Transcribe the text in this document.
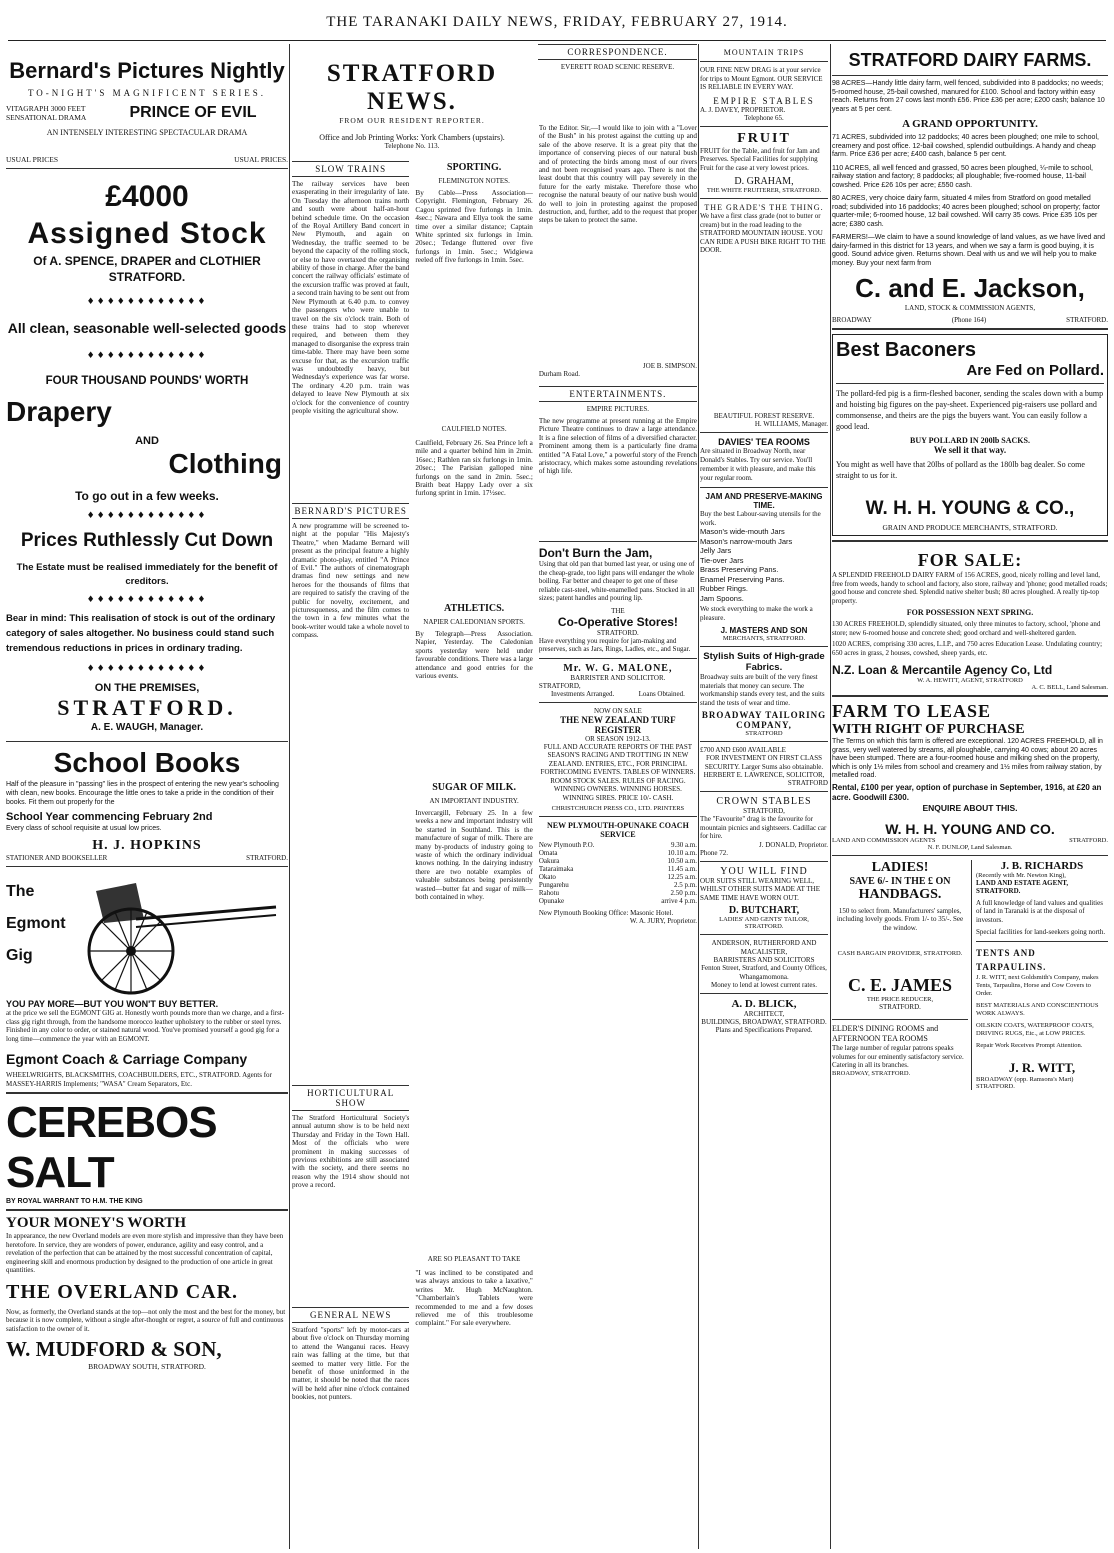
THE TARANAKI DAILY NEWS, FRIDAY, FEBRUARY 27, 1914.
Bernard's Pictures Nightly
TO-NIGHT'S MAGNIFICENT SERIES.
VITAGRAPH 3000 FEET SENSATIONAL DRAMA	PRINCE OF EVIL
AN INTENSELY INTERESTING SPECTACULAR DRAMA
USUAL PRICES	USUAL PRICES.
£4000
Assigned Stock
Of A. SPENCE, DRAPER and CLOTHIER
STRATFORD.
♦♦♦♦♦♦♦♦♦♦♦♦
All clean, seasonable well-selected goods
♦♦♦♦♦♦♦♦♦♦♦♦
FOUR THOUSAND POUNDS' WORTH
Drapery
AND
Clothing
To go out in a few weeks.
♦♦♦♦♦♦♦♦♦♦♦♦
Prices Ruthlessly Cut Down
The Estate must be realised immediately for the benefit of creditors.
♦♦♦♦♦♦♦♦♦♦♦♦
Bear in mind: This realisation of stock is out of the ordinary category of sales altogether. No business could stand such tremendous reductions in prices in ordinary trading.
♦♦♦♦♦♦♦♦♦♦♦♦
ON THE PREMISES,
STRATFORD.
A. E. WAUGH, Manager.
School Books
Half of the pleasure in "passing" lies in the prospect of entering the new year's schooling with clean, new books. Encourage the little ones to take a pride in the condition of their books. Fit them out properly for the
School Year commencing February 2nd
Every class of school requisite at usual low prices.
H. J. HOPKINS
STATIONER AND BOOKSELLER	STRATFORD.
The
Egmont
Gig
YOU PAY MORE—BUT YOU WON'T BUY BETTER.
at the price we sell the EGMONT GIG at. Honestly worth pounds more than we charge, and a first-class gig right through, from the handsome morocco leather upholstery to the rubber or steel tyres. Finished in any color to order, or stained natural wood. You've promised yourself a good gig for a long time—commence the year with an EGMONT.
Egmont Coach & Carriage Company
WHEELWRIGHTS, BLACKSMITHS, COACHBUILDERS, ETC., STRATFORD. Agents for MASSEY-HARRIS Implements; "WASA" Cream Separators, Etc.
CEREBOS SALT
BY ROYAL WARRANT TO H.M. THE KING
YOUR MONEY'S WORTH
In appearance, the new Overland models are even more stylish and impressive than they have been heretofore. In service, they are wonders of power, endurance, agility and easy control, and a revelation of the perfection that can be attained by the most successful concentration of capital, engineering skill and enormous production by designed to the production of one article in great quantities.
THE OVERLAND CAR.
Now, as formerly, the Overland stands at the top—not only the most and the best for the money, but because it is now complete, without a single after-thought or regret, a source of full and continuous satisfaction to the owner of it.
W. MUDFORD & SON,
BROADWAY SOUTH, STRATFORD.
STRATFORD NEWS.
FROM OUR RESIDENT REPORTER.
Office and Job Printing Works: York Chambers (upstairs).
Telephone No. 113.
CORRESPONDENCE.
EVERETT ROAD SCENIC RESERVE.
SLOW TRAINS
The railway services have been exasperating in their irregularity of late. On Tuesday the afternoon trains north and south were about half-an-hour behind schedule time. On the occasion of the Royal Artillery Band concert in New Plymouth, and again on Wednesday, the traffic seemed to be beyond the capacity of the rolling stock, or else to have overtaxed the organising ability of those in charge. After the band concert the railway officials' estimate of the excursion traffic was proved at fault, a second train having to be sent out from New Plymouth at 6.40 p.m. to convey the passengers who were unable to travel on the six o'clock train. Both of these trains had to stop wherever required, and between them they managed to disorganise the express train time-table. There may have been some excuse for that, as the excursion traffic was undoubtedly heavy, but Wednesday's experience was far worse. The ordinary 4.20 p.m. train was delayed to leave New Plymouth at six o'clock for the convenience of country people visiting the agricultural show.
BERNARD'S PICTURES
A new programme will be screened to-night at the popular "His Majesty's Theatre," when Madame Bernard will present as the principal feature a highly dramatic photo-play, entitled "A Prince of Evil." The authors of cinematograph dramas find new settings and new heroes for the thousands of films that are required to satisfy the craving of the public for novelty, excitement, and picturesqueness, and the film comes to the town in a few minutes what the book-writer would take a whole novel to compass.
HORTICULTURAL SHOW
The Stratford Horticultural Society's annual autumn show is to be held next Thursday and Friday in the Town Hall. Most of the officials who were prominent in making successes of previous exhibitions are still associated with the society, and there seems no reason why the 1914 show should not prove a record.
GENERAL NEWS
Stratford "sports" left by motor-cars at about five o'clock on Thursday morning to attend the Wanganui races. Heavy rain was falling at the time, but that seemed to matter very little. For the benefit of those uninformed in the matter, it should be noted that the races will be held after nine o'clock contained bookies, not punters.
SPORTING.
FLEMINGTON NOTES.
By Cable—Press Association—Copyright. Flemington, February 26. Cagou sprinted five furlongs in 1min. 4sec.; Nawara and Ellya took the same time over a similar distance; Captain White sprinted six furlongs in 1min. 20sec.; Tedange fluttered over five furlongs in 1min. 5sec.; Widgiewa reeled off five furlongs in 1min. 5sec.
CAULFIELD NOTES.
Caulfield, February 26. Sea Prince left a mile and a quarter behind him in 2min. 16sec.; Rathlen ran six furlongs in 1min. 20sec.; The Parisian galloped nine furlongs on the sand in 2min. 5sec.; Braith beat Happy Lady over a six furlong sprint in 1min. 17½sec.
ATHLETICS.
NAPIER CALEDONIAN SPORTS.
By Telegraph—Press Association. Napier, Yesterday. The Caledonian sports yesterday were held under favourable conditions. There was a large attendance and good entries for the various events.
SUGAR OF MILK.
AN IMPORTANT INDUSTRY.
Invercargill, February 25. In a few weeks a new and important industry will be started in Southland. This is the manufacture of sugar of milk. There are many by-products of industry going to waste of which the ordinary individual knows nothing. In the dairying industry there are two notable examples of valuable substances being persistently wasted—butter fat and sugar of milk—both contained in whey.
ARE SO PLEASANT TO TAKE
"I was inclined to be constipated and was always anxious to take a laxative," writes Mr. Hugh McNaughton. "Chamberlain's Tablets were recommended to me and a few doses relieved me of this troublesome complaint." For sale everywhere.
To the Editor. Sir,—I would like to join with a "Lover of the Bush" in his protest against the cutting up and sale of the above reserve. It is a great pity that the importance of conserving pieces of our natural bush and of protecting the birds among most of our rivers and not been recognised years ago. There is not the least doubt that this country will pay severely in the future for the early mistake. Therefore those who recognise the natural beauty of our native bush would do well to join in protesting against the proposed destruction, and, further, add to the request that proper steps be taken to protect the same.
JOE B. SIMPSON.
Durham Road.
ENTERTAINMENTS.
EMPIRE PICTURES.
The new programme at present running at the Empire Picture Theatre continues to draw a large attendance. It is a fine selection of films of a diversified character. Prominent among them is a particularly fine drama entitled "A Fatal Love," a powerful story of the French aristocracy, which makes some astounding revelations of high life.
Don't Burn the Jam,
Using that old pan that burned last year, or using one of the cheap-grade, too light pans will endanger the whole boiling. Far better and cheaper to get one of these reliable cast-steel, white-enamelled pans. Stocked in all sizes; patent handles and pouring lip.
THE
Co-Operative Stores!
STRATFORD.
Have everything you require for jam-making and preserves, such as Jars, Rings, Ladles, etc., and Sugar.
Mr. W. G. MALONE,
BARRISTER AND SOLICITOR.
STRATFORD,
Investments Arranged.	Loans Obtained.
NOW ON SALE
THE NEW ZEALAND TURF REGISTER
OR SEASON 1912-13.
FULL AND ACCURATE REPORTS OF THE PAST SEASON'S RACING AND TROTTING IN NEW ZEALAND. ENTRIES, ETC., FOR PRINCIPAL FORTHCOMING EVENTS. TABLES OF WINNERS. ROOM STOCK SALES. RULES OF RACING. WINNING OWNERS. WINNING HORSES. WINNING SIRES. PRICE 10/- CASH.
CHRISTCHURCH PRESS CO., LTD. PRINTERS
NEW PLYMOUTH-OPUNAKE COACH SERVICE
New Plymouth P.O.	9.30 a.m.
Omata	10.10 a.m.
Oakura	10.50 a.m.
Tataraimaka	11.45 a.m.
Okato	12.25 a.m.
Pungarehu	2.5 p.m.
Rahotu	2.50 p.m.
Opunake	arrive 4 p.m.
New Plymouth Booking Office: Masonic Hotel.
W. A. JURY, Proprietor.
MOUNTAIN TRIPS
OUR FINE NEW DRAG is at your service for trips to Mount Egmont. OUR SERVICE IS RELIABLE IN EVERY WAY.
EMPIRE STABLES
A. J. DAVEY, PROPRIETOR.
Telephone 65.
FRUIT
FRUIT for the Table, and fruit for Jam and Preserves. Special Facilities for supplying Fruit for the case at very lowest prices.
D. GRAHAM,
THE WHITE FRUITERER, STRATFORD.
THE GRADE'S THE THING.
We have a first class grade (not to butter or cream) but in the road leading to the STRATFORD MOUNTAIN HOUSE. YOU CAN RIDE A PUSH BIKE RIGHT TO THE DOOR.
BEAUTIFUL FOREST RESERVE.
H. WILLIAMS, Manager.
DAVIES' TEA ROOMS
Are situated in Broadway North, near Donald's Stables. Try our service. You'll remember it with pleasure, and make this your regular room.
JAM AND PRESERVE-MAKING TIME.
Buy the best Labour-saving utensils for the work.
Mason's wide-mouth Jars
Mason's narrow-mouth Jars
Jelly Jars
Tie-over Jars
Brass Preserving Pans.
Enamel Preserving Pans.
Rubber Rings.
Jam Spoons.
We stock everything to make the work a pleasure.
J. MASTERS AND SON
MERCHANTS, STRATFORD.
Stylish Suits of High-grade Fabrics.
Broadway suits are built of the very finest materials that money can secure. The workmanship stands every test, and the suits stand the tests of wear and time.
BROADWAY TAILORING COMPANY,
STRATFORD
£700 AND £600 AVAILABLE
FOR INVESTMENT ON FIRST CLASS SECURITY. Larger Sums also obtainable.
HERBERT E. LAWRENCE, SOLICITOR,
STRATFORD
CROWN STABLES
STRATFORD,
The "Favourite" drag is the favourite for mountain picnics and sightseers. Cadillac car for hire.
J. DONALD, Proprietor.
Phone 72.
YOU WILL FIND
OUR SUITS STILL WEARING WELL, WHILST OTHER SUITS MADE AT THE SAME TIME HAVE WORN OUT.
D. BUTCHART,
LADIES' AND GENTS' TAILOR, STRATFORD.
ANDERSON, RUTHERFORD AND MACALISTER,
BARRISTERS AND SOLICITORS
Fenton Street, Stratford, and County Offices, Whangamomona.
Money to lend at lowest current rates.
A. D. BLICK,
ARCHITECT,
BUILDINGS, BROADWAY, STRATFORD.
Plans and Specifications Prepared.
STRATFORD DAIRY FARMS.
98 ACRES—Handy little dairy farm, well fenced, subdivided into 8 paddocks; no weeds; 5-roomed house, 25-bail cowshed, manured for £100. School and factory within easy reach. Returns from 27 cows last month £56. Price £36 per acre; £200 cash; balance 10 years at 5 per cent.
A GRAND OPPORTUNITY.
71 ACRES, subdivided into 12 paddocks; 40 acres been ploughed; one mile to school, creamery and post office. 12-bail cowshed, splendid outbuildings. A handy and cheap farm. Price £36 per acre; £400 cash, balance 5 per cent.
110 ACRES, all well fenced and grassed, 50 acres been ploughed, ¼-mile to school, railway station and factory; 8 paddocks; all ploughable; five-roomed house, 11-bail cowshed. Price £26 10s per acre; £550 cash.
80 ACRES, very choice dairy farm, situated 4 miles from Stratford on good metalled road; subdivided into 16 paddocks; 40 acres been ploughed; school on property; factor quarter-mile; 6-roomed house, 12 bail cowshed. Will carry 35 cows. Price £35 10s per acre; £380 cash.
FARMERS!—We claim to have a sound knowledge of land values, as we have lived and dairy-farmed in this district for 13 years, and when we say a farm is good buying, it is good. Sound advice given. Returns shown. Deal with us and we will help you to make money. Buy your next farm from
C. and E. Jackson,
LAND, STOCK & COMMISSION AGENTS,
BROADWAY	(Phone 164)	STRATFORD.
Best Baconers
Are Fed on Pollard.
The pollard-fed pig is a firm-fleshed baconer, sending the scales down with a bump and hoisting big figures on the pay-sheet. Experienced pig-raisers use pollard and commonsense, and theirs are the pigs the buyers want. You can easily follow a good lead.
BUY POLLARD IN 200lb SACKS.
We sell it that way.
You might as well have that 20lbs of pollard as the 180lb bag dealer. So come straight to us for it.
W. H. H. YOUNG & CO.,
GRAIN AND PRODUCE MERCHANTS, STRATFORD.
FOR SALE:
A SPLENDID FREEHOLD DAIRY FARM of 156 ACRES, good, nicely rolling and level land, free from weeds, handy to school and factory, also store, railway and 'phone; good metalled roads; good house and concrete shed. Splendid native shelter bush; 80 acres ploughed. A really tip-top property.
FOR POSSESSION NEXT SPRING.
130 ACRES FREEHOLD, splendidly situated, only three minutes to factory, school, 'phone and store; new 6-roomed house and concrete shed; good orchard and well-sheltered garden.
1020 ACRES, comprising 330 acres, L.I.P., and 750 acres Education Lease. Undulating country; 650 acres in grass, 2 houses, cowshed, sheep yards, etc.
N.Z. Loan & Mercantile Agency Co, Ltd
W. A. HEWITT, AGENT, STRATFORD
A. C. BELL, Land Salesman.
FARM TO LEASE
WITH RIGHT OF PURCHASE
The Terms on which this farm is offered are exceptional. 120 ACRES FREEHOLD, all in grass, very well watered by streams, all ploughable, carrying 40 cows; about 20 acres have been stumped. There are a four-roomed house and milking shed on the property, which is only 1½ miles from school and creamery and 1½ miles from railway station, by metalled road.
Rental, £100 per year, option of purchase in September, 1916, at £20 an acre. Goodwill £300.
ENQUIRE ABOUT THIS.
W. H. H. YOUNG AND CO.
LAND AND COMMISSION AGENTS	STRATFORD.
N. F. DUNLOP, Land Salesman.
LADIES!
SAVE 6/- IN THE £ ON
HANDBAGS.
150 to select from. Manufacturers' samples, including lovely goods. From 1/- to 35/-. See the window.
CASH BARGAIN PROVIDER, STRATFORD.
C. E. JAMES
THE PRICE REDUCER,
STRATFORD.
ELDER'S DINING ROOMS and AFTERNOON TEA ROOMS
The large number of regular patrons speaks volumes for our eminently satisfactory service. Catering in all its branches.
BROADWAY, STRATFORD.
J. B. RICHARDS
(Recently with Mr. Newton King),
LAND AND ESTATE AGENT, STRATFORD.
A full knowledge of land values and qualities of land in Taranaki is at the disposal of investors.
Special facilities for land-seekers going north.
TENTS AND TARPAULINS.
J. R. WITT, next Goldsmith's Company, makes Tents, Tarpaulins, Horse and Cow Covers to Order.
BEST MATERIALS AND CONSCIENTIOUS WORK ALWAYS.
OILSKIN COATS, WATERPROOF COATS, DRIVING RUGS, Etc., at LOW PRICES.
Repair Work Receives Prompt Attention.
J. R. WITT,
BROADWAY (opp. Ramsons's Mart) STRATFORD.
